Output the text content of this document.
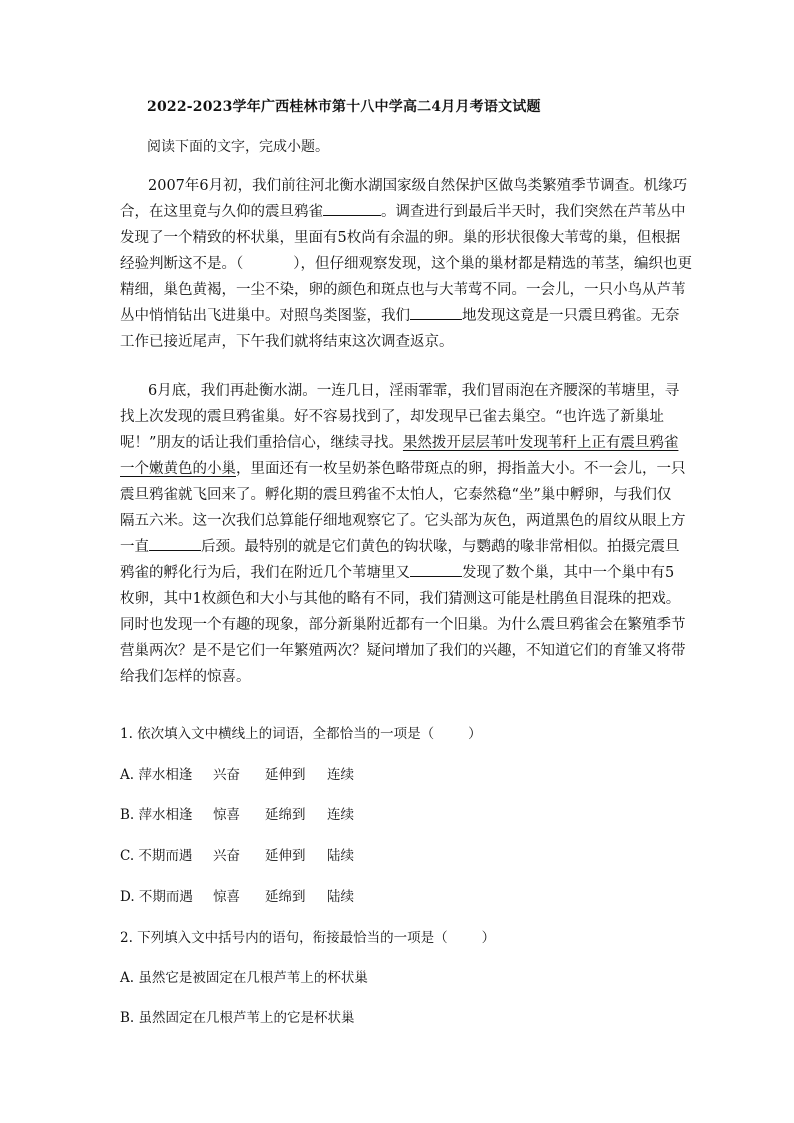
2022-2023学年广西桂林市第十八中学高二4月月考语文试题
阅读下面的文字，完成小题。
2007年6月初，我们前往河北衡水湖国家级自然保护区做鸟类繁殖季节调查。机缘巧
合，在这里竟与久仰的震旦鸦雀	。调查进行到最后半天时，我们突然在芦苇丛中
发现了一个精致的杯状巢，里面有5枚尚有余温的卵。巢的形状很像大苇莺的巢，但根据
经验判断这不是。（	），但仔细观察发现，这个巢的巢材都是精选的苇茎，编织也更
精细，巢色黄褐，一尘不染，卵的颜色和斑点也与大苇莺不同。一会儿，一只小鸟从芦苇
丛中悄悄钻出飞进巢中。对照鸟类图鉴，我们	地发现这竟是一只震旦鸦雀。无奈
工作已接近尾声，下午我们就将结束这次调查返京。
6月底，我们再赴衡水湖。一连几日，淫雨霏霏，我们冒雨泡在齐腰深的苇塘里，寻
找上次发现的震旦鸦雀巢。好不容易找到了，却发现早已雀去巢空。“也许选了新巢址
呢！”朋友的话让我们重拾信心，继续寻找。果然拨开层层苇叶发现苇秆上正有震旦鸦雀
一个嫩黄色的小巢，里面还有一枚呈奶茶色略带斑点的卵，拇指盖大小。不一会儿，一只
震旦鸦雀就飞回来了。孵化期的震旦鸦雀不太怕人，它泰然稳“坐”巢中孵卵，与我们仅
隔五六米。这一次我们总算能仔细地观察它了。它头部为灰色，两道黑色的眉纹从眼上方
一直	后颈。最特别的就是它们黄色的钩状喙，与鹦鹉的喙非常相似。拍摄完震旦
鸦雀的孵化行为后，我们在附近几个苇塘里又	发现了数个巢，其中一个巢中有5
枚卵，其中1枚颜色和大小与其他的略有不同，我们猜测这可能是杜鹃鱼目混珠的把戏。
同时也发现一个有趣的现象，部分新巢附近都有一个旧巢。为什么震旦鸦雀会在繁殖季节
营巢两次？是不是它们一年繁殖两次？疑问增加了我们的兴趣，不知道它们的育雏又将带
给我们怎样的惊喜。
1. 依次填入文中横线上的词语，全都恰当的一项是（	）
A. 萍水相逢 兴奋 延伸到 连续
B. 萍水相逢 惊喜 延绵到 连续
C. 不期而遇 兴奋 延伸到 陆续
D. 不期而遇 惊喜 延绵到 陆续
2. 下列填入文中括号内的语句，衔接最恰当的一项是（	）
A. 虽然它是被固定在几根芦苇上的杯状巢
B. 虽然固定在几根芦苇上的它是杯状巢
